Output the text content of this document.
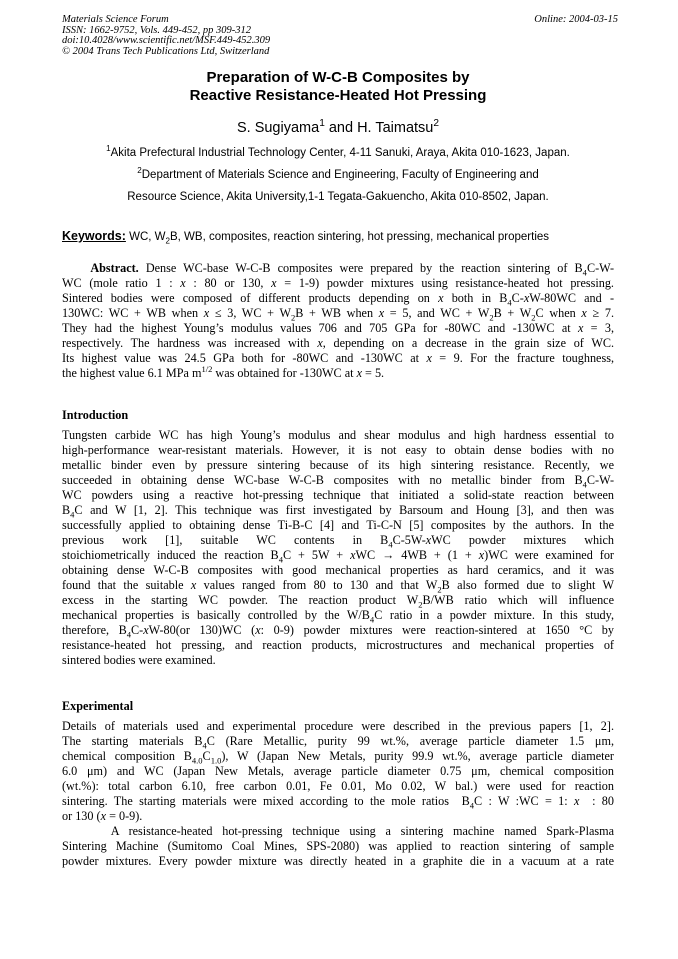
Materials Science Forum
ISSN: 1662-9752, Vols. 449-452, pp 309-312
doi:10.4028/www.scientific.net/MSF.449-452.309
© 2004 Trans Tech Publications Ltd, Switzerland
Online: 2004-03-15
Preparation of W-C-B Composites by
Reactive Resistance-Heated Hot Pressing
S. Sugiyama$^1$ and H. Taimatsu$^2$
$^1$Akita Prefectural Industrial Technology Center, 4-11 Sanuki, Araya, Akita 010-1623, Japan.
$^2$Department of Materials Science and Engineering, Faculty of Engineering and
Resource Science, Akita University,1-1 Tegata-Gakuencho, Akita 010-8502, Japan.
Keywords: WC, $W_2B$, WB, composites, reaction sintering, hot pressing, mechanical properties
Abstract. Dense WC-base W-C-B composites were prepared by the reaction sintering of $B_4C-W-$
WC (mole ratio 1 : x : 80 or 130, x = 1-9) powder mixtures using resistance-heated hot pressing.
Sintered bodies were composed of different products depending on x both in $B_4C-xW-80WC$ and -
130WC: WC + WB when x ≤ 3, WC + $W_2B$ + WB when x = 5, and WC + $W_2B + W_2C$ when x ≥ 7.
They had the highest Young’s modulus values 706 and 705 GPa for -80WC and -130WC at x = 3,
respectively. The hardness was increased with x, depending on a decrease in the grain size of WC.
Its highest value was 24.5 GPa both for -80WC and -130WC at x = 9. For the fracture toughness,
the highest value 6.1 MPa $m^{1/2}$ was obtained for -130WC at x = 5.
Introduction
Tungsten carbide WC has high Young’s modulus and shear modulus and high hardness essential to
high-performance wear-resistant materials. However, it is not easy to obtain dense bodies with no
metallic binder even by pressure sintering because of its high sintering resistance. Recently, we
succeeded in obtaining dense WC-base W-C-B composites with no metallic binder from $B_4C-W-$
WC powders using a reactive hot-pressing technique that initiated a solid-state reaction between
$B_4C$ and W [1, 2]. This technique was first investigated by Barsoum and Houng [3], and then was
successfully applied to obtaining dense Ti-B-C [4] and Ti-C-N [5] composites by the authors. In the
previous work [1], suitable WC contents in $B_4C-5W$-xWC powder mixtures which
stoichiometrically induced the reaction $B_4C + 5W$ + xWC → 4WB + (1 + x)WC were examined for
obtaining dense W-C-B composites with good mechanical properties as hard ceramics, and it was
found that the suitable x values ranged from 80 to 130 and that $W_2B$ also formed due to slight W
excess in the starting WC powder. The reaction product $W_2B/WB$ ratio which will influence
mechanical properties is basically controlled by the $W/B_4C$ ratio in a powder mixture. In this study,
therefore, $B_4C-xW-80(or$ 130)WC (x: 0-9) powder mixtures were reaction-sintered at 1650 °C by
resistance-heated hot pressing, and reaction products, microstructures and mechanical properties of
sintered bodies were examined.
Experimental
Details of materials used and experimental procedure were described in the previous papers [1, 2].
The starting materials $B_4C$ (Rare Metallic, purity 99 wt.%, average particle diameter 1.5 μm,
chemical composition $B_{4.0}C_{1.0}$), W (Japan New Metals, purity 99.9 wt.%, average particle diameter
6.0 μm) and WC (Japan New Metals, average particle diameter 0.75 μm, chemical composition
(wt.%): total carbon 6.10, free carbon 0.01, Fe 0.01, Mo 0.02, W bal.) were used for reaction
sintering. The starting materials were mixed according to the mole ratios  $B_4C$ : W :WC = 1: x  : 80
or 130 (x = 0-9).
A resistance-heated hot-pressing technique using a sintering machine named Spark-Plasma
Sintering Machine (Sumitomo Coal Mines, SPS-2080) was applied to reaction sintering of sample
powder mixtures. Every powder mixture was directly heated in a graphite die in a vacuum at a rate
